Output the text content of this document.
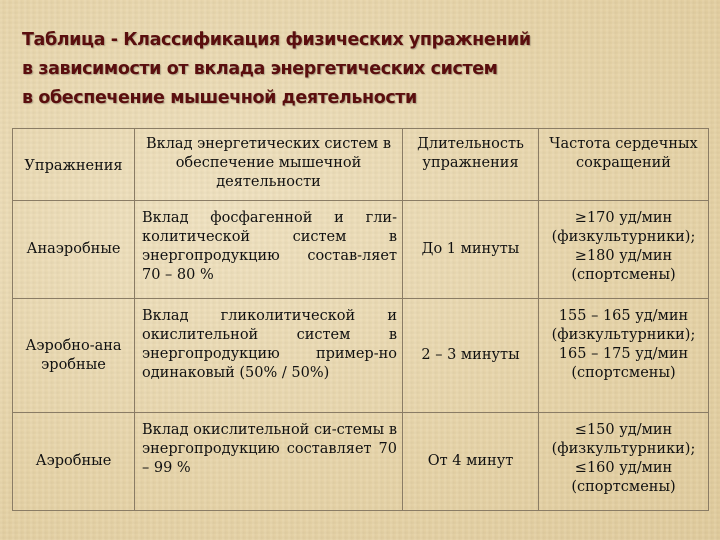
Таблица - Классификация физических упражнений
в зависимости от вклада энергетических систем
в обеспечение мышечной деятельности
Упражнения	Вклад энергетических систем в обеспечение мышечной деятельности	Длительность упражнения	Частота сердечных сокращений
Анаэробные	Вклад фосфагенной и гли-колитической систем в энергопродукцию состав-ляет 70 – 80 %	До 1 минуты	≥170 уд/мин
(физкультурники);
≥180 уд/мин
(спортсмены)

Аэробно-ана эробные	Вклад гликолитической и окислительной систем в энергопродукцию пример-но одинаковый (50% / 50%)	2 – 3 минуты	155 – 165 уд/мин
(физкультурники);
165 – 175 уд/мин
(спортсмены)

Аэробные	Вклад окислительной си-стемы в энергопродукцию составляет 70 – 99 %	От 4 минут	≤150 уд/мин
(физкультурники);
≤160 уд/мин
(спортсмены)
